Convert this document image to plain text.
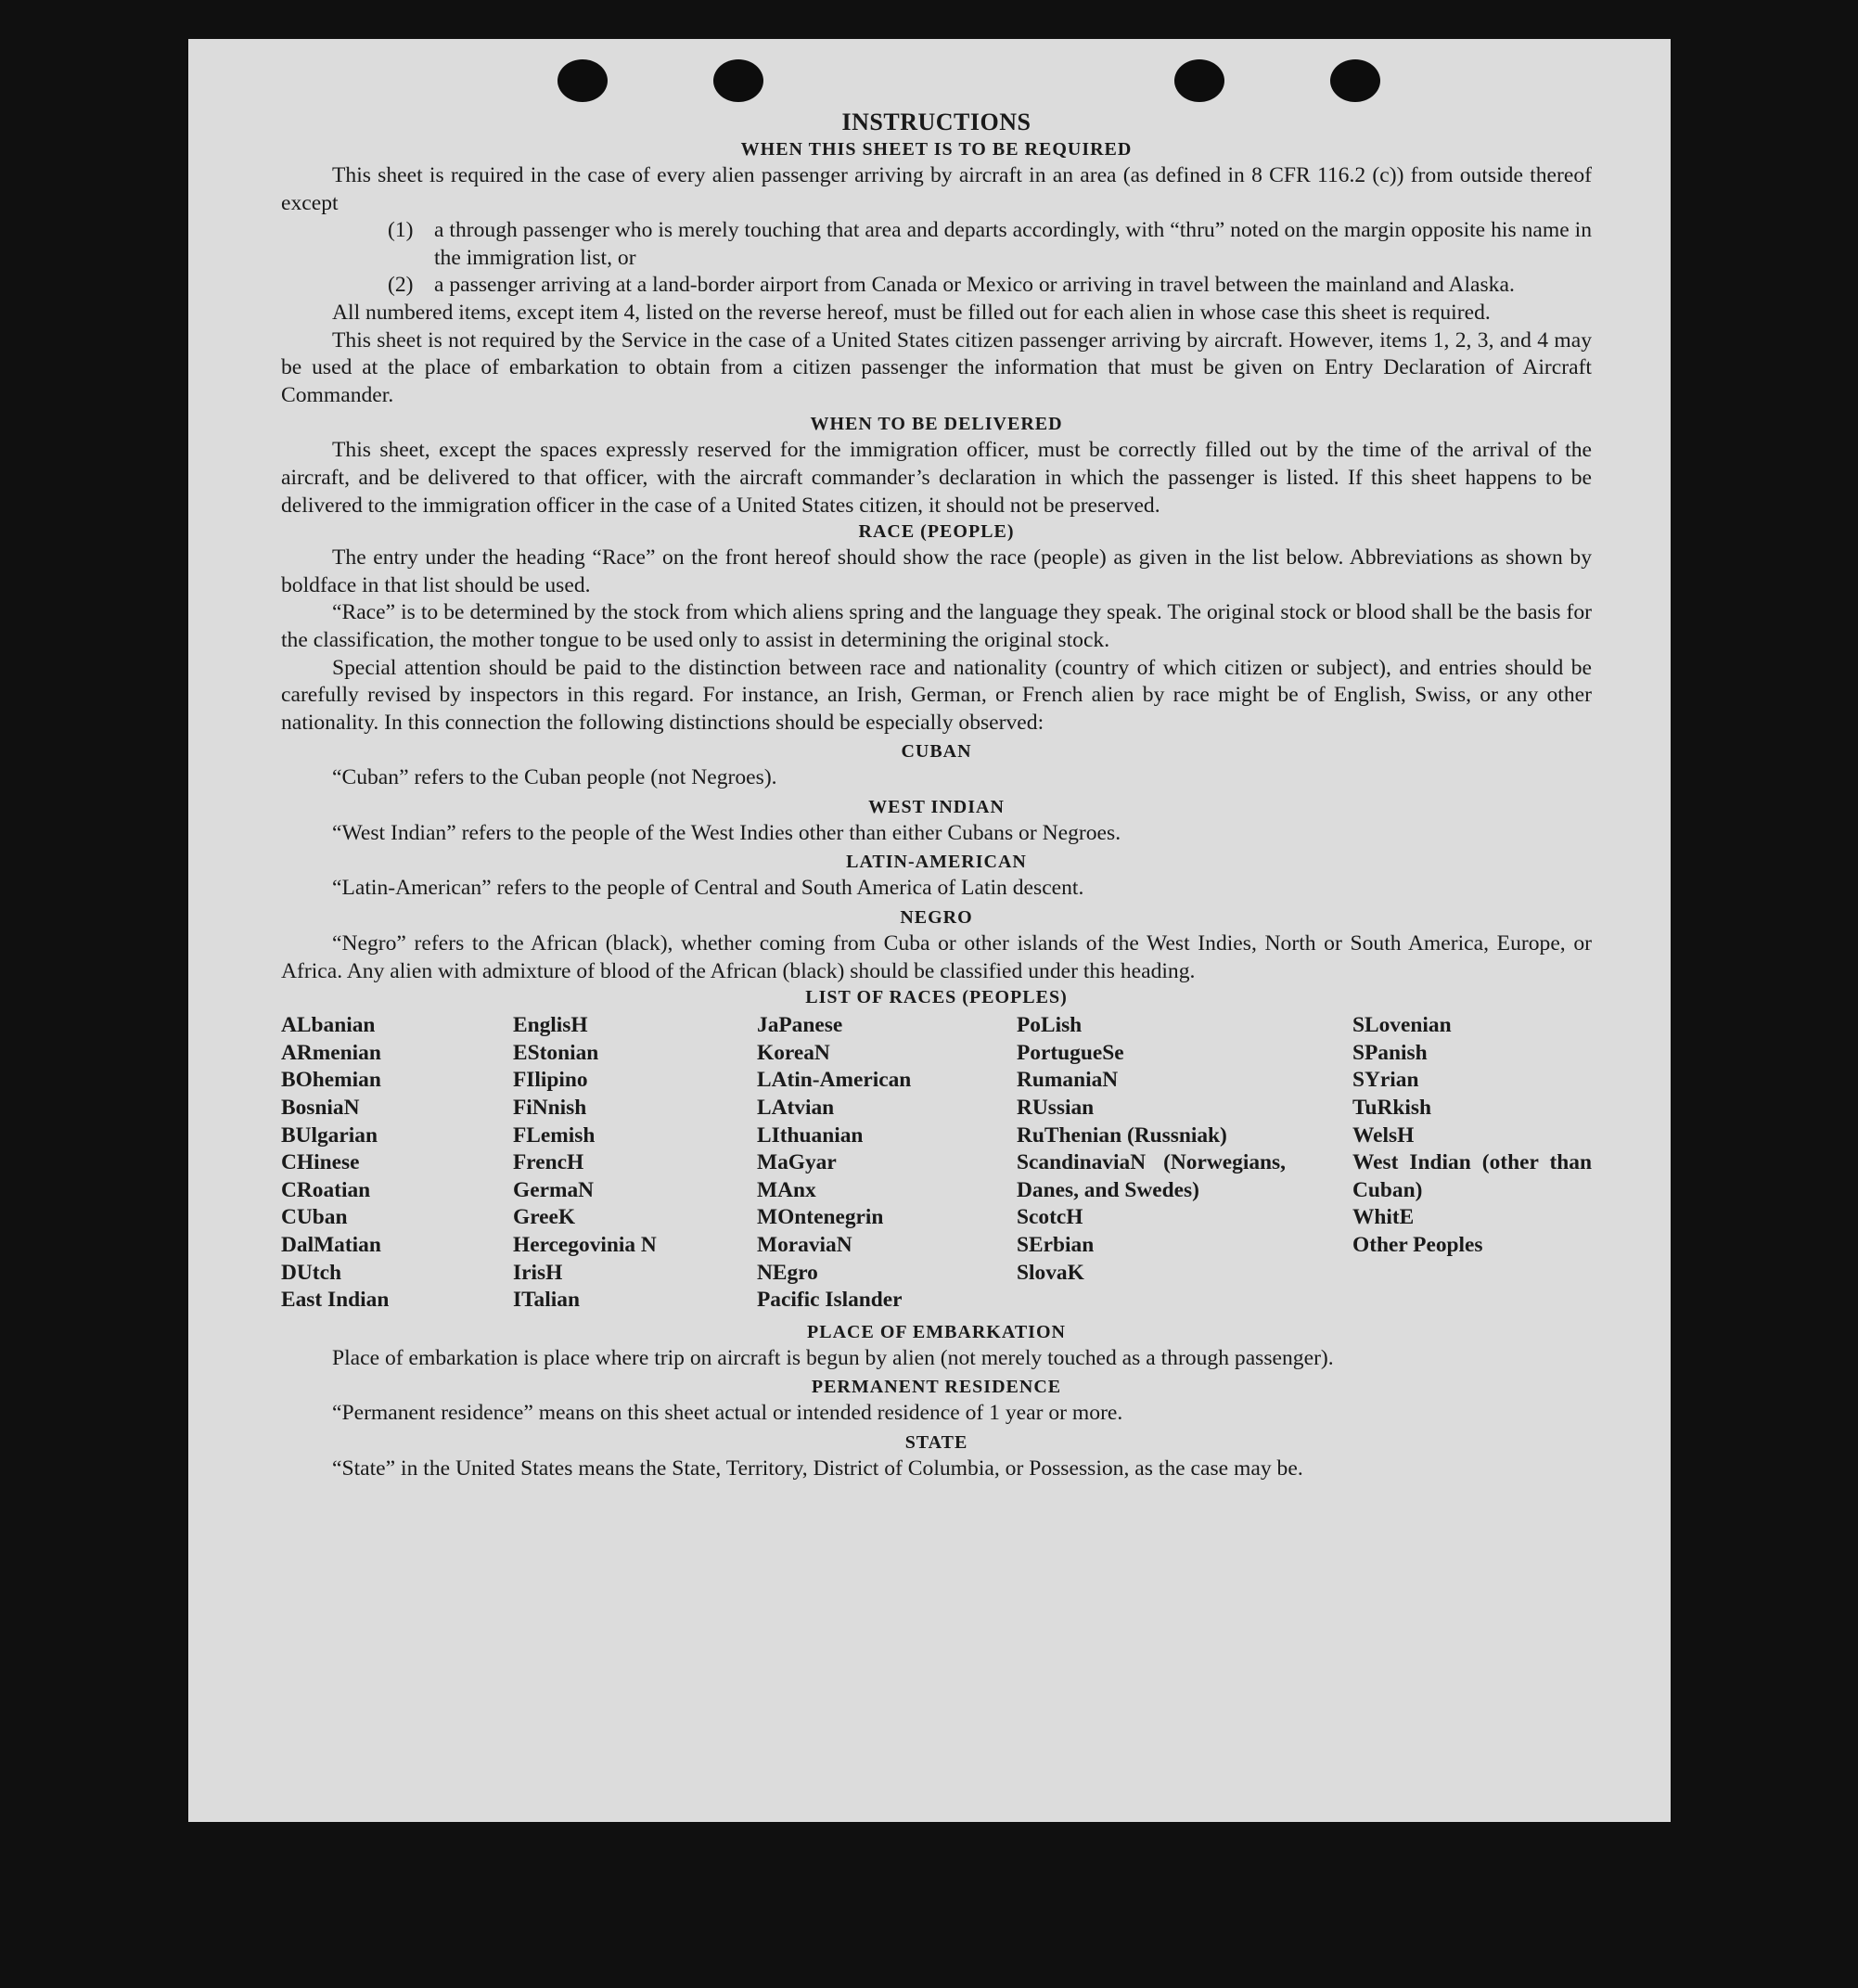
INSTRUCTIONS
WHEN THIS SHEET IS TO BE REQUIRED

This sheet is required in the case of every alien passenger arriving by aircraft in an area (as defined in 8 CFR 116.2 (c)) from outside thereof except

(1) a through passenger who is merely touching that area and departs accordingly, with “thru” noted on the margin opposite his name in the immigration list, or
(2) a passenger arriving at a land-border airport from Canada or Mexico or arriving in travel between the mainland and Alaska.

All numbered items, except item 4, listed on the reverse hereof, must be filled out for each alien in whose case this sheet is required.

This sheet is not required by the Service in the case of a United States citizen passenger arriving by aircraft. However, items 1, 2, 3, and 4 may be used at the place of embarkation to obtain from a citizen passenger the information that must be given on Entry Declaration of Aircraft Commander.

WHEN TO BE DELIVERED

This sheet, except the spaces expressly reserved for the immigration officer, must be correctly filled out by the time of the arrival of the aircraft, and be delivered to that officer, with the aircraft commander’s declaration in which the passenger is listed. If this sheet happens to be delivered to the immigration officer in the case of a United States citizen, it should not be preserved.

RACE (PEOPLE)

The entry under the heading “Race” on the front hereof should show the race (people) as given in the list below. Abbreviations as shown by boldface in that list should be used.

“Race” is to be determined by the stock from which aliens spring and the language they speak. The original stock or blood shall be the basis for the classification, the mother tongue to be used only to assist in determining the original stock.

Special attention should be paid to the distinction between race and nationality (country of which citizen or subject), and entries should be carefully revised by inspectors in this regard. For instance, an Irish, German, or French alien by race might be of English, Swiss, or any other nationality. In this connection the following distinctions should be especially observed:

CUBAN

“Cuban” refers to the Cuban people (not Negroes).

WEST INDIAN

“West Indian” refers to the people of the West Indies other than either Cubans or Negroes.

LATIN-AMERICAN

“Latin-American” refers to the people of Central and South America of Latin descent.

NEGRO

“Negro” refers to the African (black), whether coming from Cuba or other islands of the West Indies, North or South America, Europe, or Africa. Any alien with admixture of blood of the African (black) should be classified under this heading.

LIST OF RACES (PEOPLES)
ALbanian
ARmenian
BOhemian
BosniaN
BUlgarian
CHinese
CRoatian
CUban
DalMatian
DUtch
East Indian
EnglisH
EStonian
FIlipino
FiNnish
FLemish
FrencH
GermaN
GreeK
Hercegovinia N
IrisH
ITalian
JaPanese
KoreaN
LAtin-American
LAtvian
LIthuanian
MaGyar
MAnx
MOntenegrin
MoraviaN
NEgro
Pacific Islander
PoLish
PortugueSe
RumaniaN
RUssian
RuThenian (Russniak)
ScandinaviaN (Norwegians, Danes, and Swedes)
ScotcH
SErbian
SlovaK
SLovenian
SPanish
SYrian
TuRkish
WelsH
West Indian (other than Cuban)
WhitE
Other Peoples
PLACE OF EMBARKATION

Place of embarkation is place where trip on aircraft is begun by alien (not merely touched as a through passenger).

PERMANENT RESIDENCE

“Permanent residence” means on this sheet actual or intended residence of 1 year or more.

STATE

“State” in the United States means the State, Territory, District of Columbia, or Possession, as the case may be.
